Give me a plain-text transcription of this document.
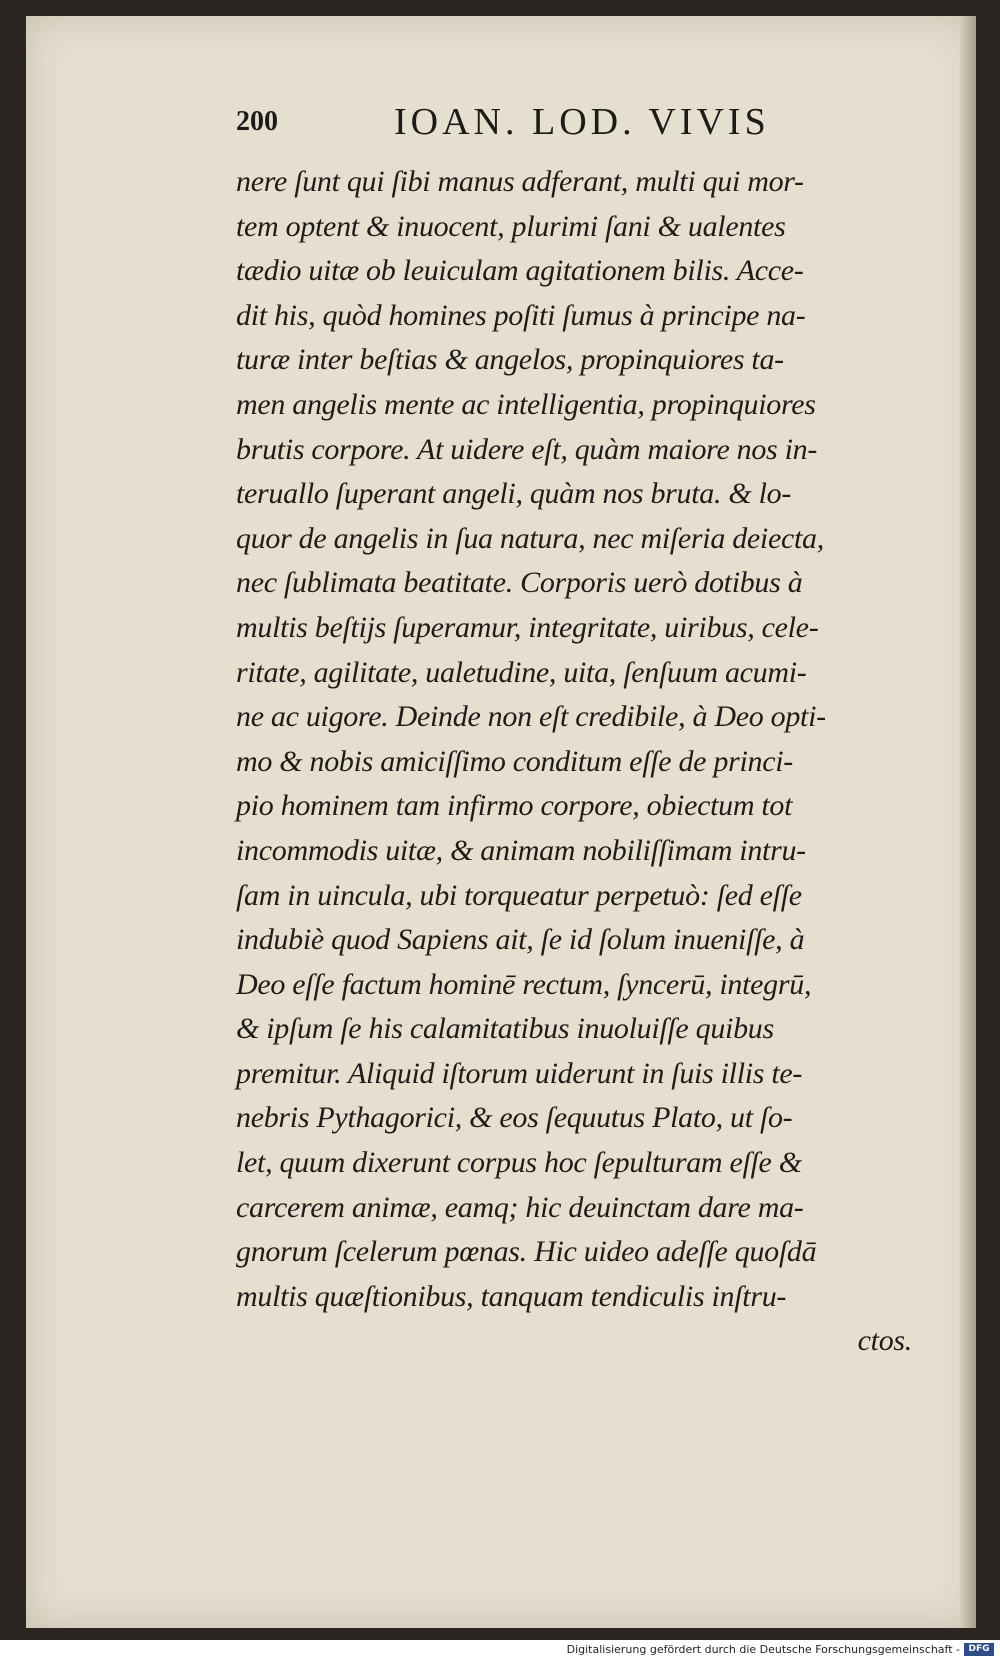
200	IOAN. LOD. VIVIS
nere ſunt qui ſibi manus adferant, multi qui mor-
tem optent & inuocent, plurimi ſani & ualentes
tædio uitæ ob leuiculam agitationem bilis. Acce-
dit his, quòd homines poſiti ſumus à principe na-
turæ inter beſtias & angelos, propinquiores ta-
men angelis mente ac intelligentia, propinquiores
brutis corpore. At uidere eſt, quàm maiore nos in-
teruallo ſuperant angeli, quàm nos bruta. & lo-
quor de angelis in ſua natura, nec miſeria deiecta,
nec ſublimata beatitate. Corporis uerò dotibus à
multis beſtijs ſuperamur, integritate, uiribus, cele-
ritate, agilitate, ualetudine, uita, ſenſuum acumi-
ne ac uigore. Deinde non eſt credibile, à Deo opti-
mo & nobis amiciſſimo conditum eſſe de princi-
pio hominem tam infirmo corpore, obiectum tot
incommodis uitæ, & animam nobiliſſimam intru-
ſam in uincula, ubi torqueatur perpetuò: ſed eſſe
indubiè quod Sapiens ait, ſe id ſolum inueniſſe, à
Deo eſſe factum hominē rectum, ſyncerū, integrū,
& ipſum ſe his calamitatibus inuoluiſſe quibus
premitur. Aliquid iſtorum uiderunt in ſuis illis te-
nebris Pythagorici, & eos ſequutus Plato, ut ſo-
let, quum dixerunt corpus hoc ſepulturam eſſe &
carcerem animæ, eamq; hic deuinctam dare ma-
gnorum ſcelerum pœnas. Hic uideo adeſſe quoſdā
multis quæſtionibus, tanquam tendiculis inſtru-
ctos.
Digitalisierung gefördert durch die Deutsche Forschungsgemeinschaft - DFG
